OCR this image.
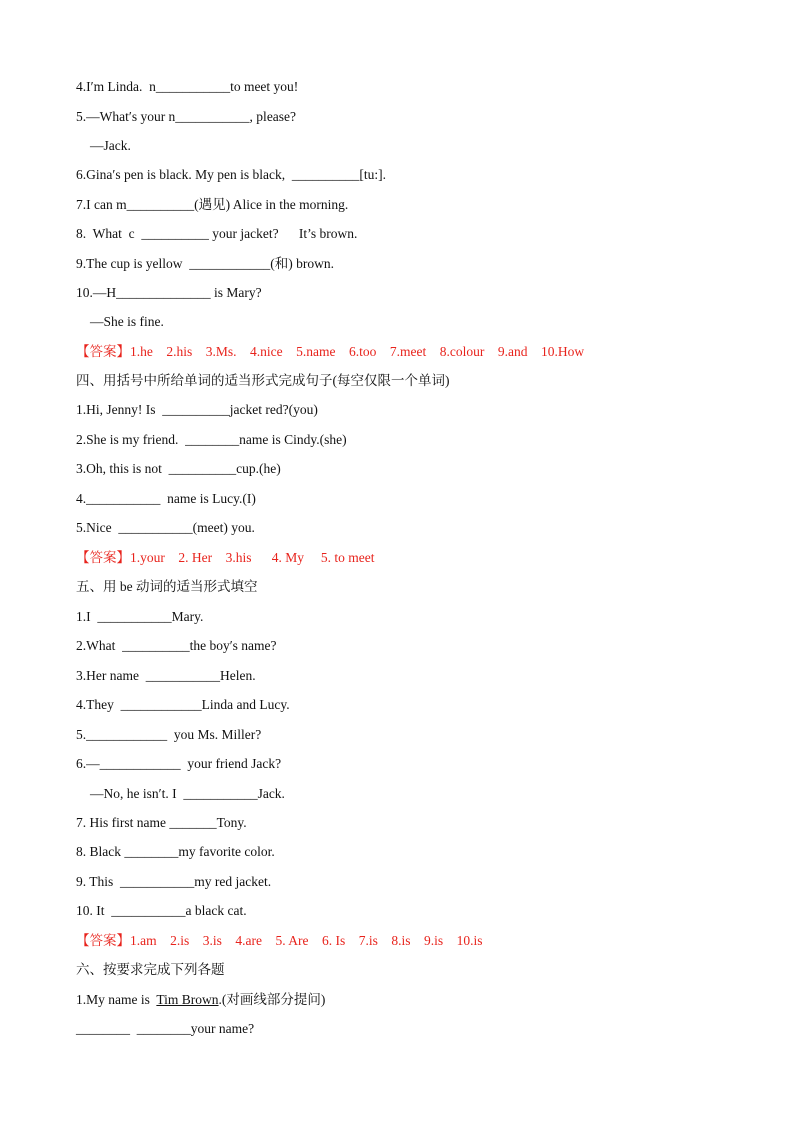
4.I′m Linda.  n___________to meet you!
5.—What′s your n___________, please?
—Jack.
6.Gina′s pen is black. My pen is black,  __________[tu:].
7.I can m__________(遇见) Alice in the morning.
8.  What  c  __________ your jacket?      It’s brown.
9.The cup is yellow  ____________(和) brown.
10.—H______________ is Mary?
—She is fine.
【答案】1.he    2.his    3.Ms.    4.nice    5.name    6.too    7.meet    8.colour    9.and    10.How
四、用括号中所给单词的适当形式完成句子(每空仅限一个单词)
1.Hi, Jenny! Is  __________jacket red?(you)
2.She is my friend.  ________name is Cindy.(she)
3.Oh, this is not  __________cup.(he)
4.___________  name is Lucy.(I)
5.Nice  ___________(meet) you.
【答案】1.your    2. Her    3.his      4. My     5. to meet
五、用 be 动词的适当形式填空
1.I  ___________Mary.
2.What  __________the boy′s name?
3.Her name  ___________Helen.
4.They  ____________Linda and Lucy.
5.____________  you Ms. Miller?
6.—____________  your friend Jack?
—No, he isn′t. I  ___________Jack.
7. His first name _______Tony.
8. Black ________my favorite color.
9. This  ___________my red jacket.
10. It  ___________a black cat.
【答案】1.am    2.is    3.is    4.are    5. Are    6. Is    7.is    8.is    9.is    10.is
六、按要求完成下列各题
1.My name is  Tim Brown.(对画线部分提问)
________  ________your name?
